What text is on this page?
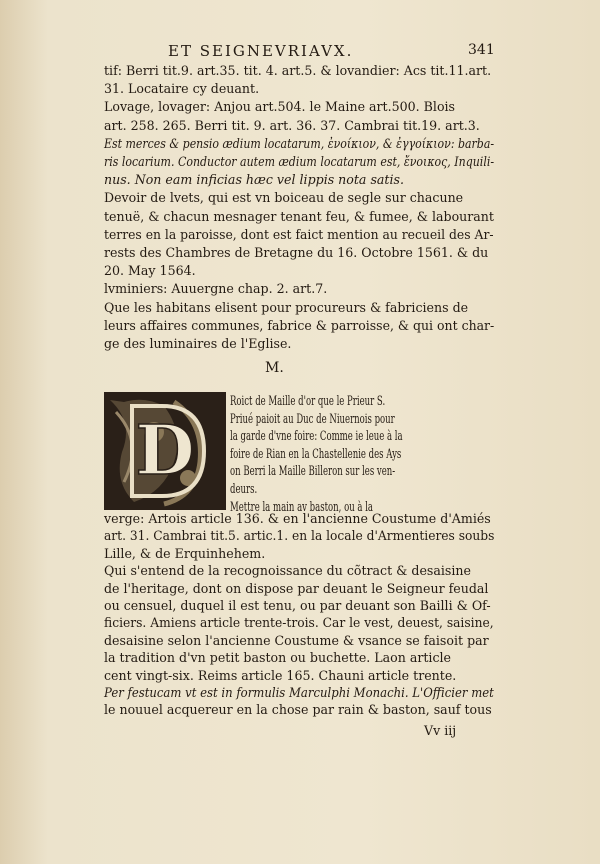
ET SEIGNEVRIAVX.	341
tif: Berri tit.9. art.35. tit. 4. art.5. & lovandier: Acs tit.11.art.
31. Locataire cy deuant.
Lovage, lovager: Anjou art.504. le Maine art.500. Blois
art. 258. 265. Berri tit. 9. art. 36. 37. Cambrai tit.19. art.3.
Est merces & pensio ædium locatarum, ἐνοίκιον, & ἐγγοίκιον: barba-
ris locarium. Conductor autem ædium locatarum est, ἔνοικος, Inquili-
nus. Non eam inficias hæc vel lippis nota satis.
Devoir de lvets, qui est vn boiceau de segle sur chacune
tenuë, & chacun mesnager tenant feu, & fumee, & labourant
terres en la paroisse, dont est faict mention au recueil des Ar-
rests des Chambres de Bretagne du 16. Octobre 1561. & du
20. May 1564.
lvminiers: Auuergne chap. 2. art.7.
Que les habitans elisent pour procureurs & fabriciens de
leurs affaires communes, fabrice & parroisse, & qui ont char-
ge des luminaires de l'Eglise.
M.
D
Roict de Maille d'or que le Prieur S.
Priué paioit au Duc de Niuernois pour
la garde d'vne foire: Comme ie leue à la
foire de Rian en la Chastellenie des Ays
on Berri la Maille Billeron sur les ven-
deurs.
Mettre la main av baston, ou à la
verge: Artois article 136. & en l'ancienne Coustume d'Amiés
art. 31. Cambrai tit.5. artic.1. en la locale d'Armentieres soubs
Lille, & de Erquinhehem.
Qui s'entend de la recognoissance du cõtract & desaisine
de l'heritage, dont on dispose par deuant le Seigneur feudal
ou censuel, duquel il est tenu, ou par deuant son Bailli & Of-
ficiers. Amiens article trente-trois. Car le vest, deuest, saisine,
desaisine selon l'ancienne Coustume & vsance se faisoit par
la tradition d'vn petit baston ou buchette. Laon article
cent vingt-six. Reims article 165. Chauni article trente.
Per festucam vt est in formulis Marculphi Monachi. L'Officier met
le nouuel acquereur en la chose par rain & baston, sauf tous
Vv iij
